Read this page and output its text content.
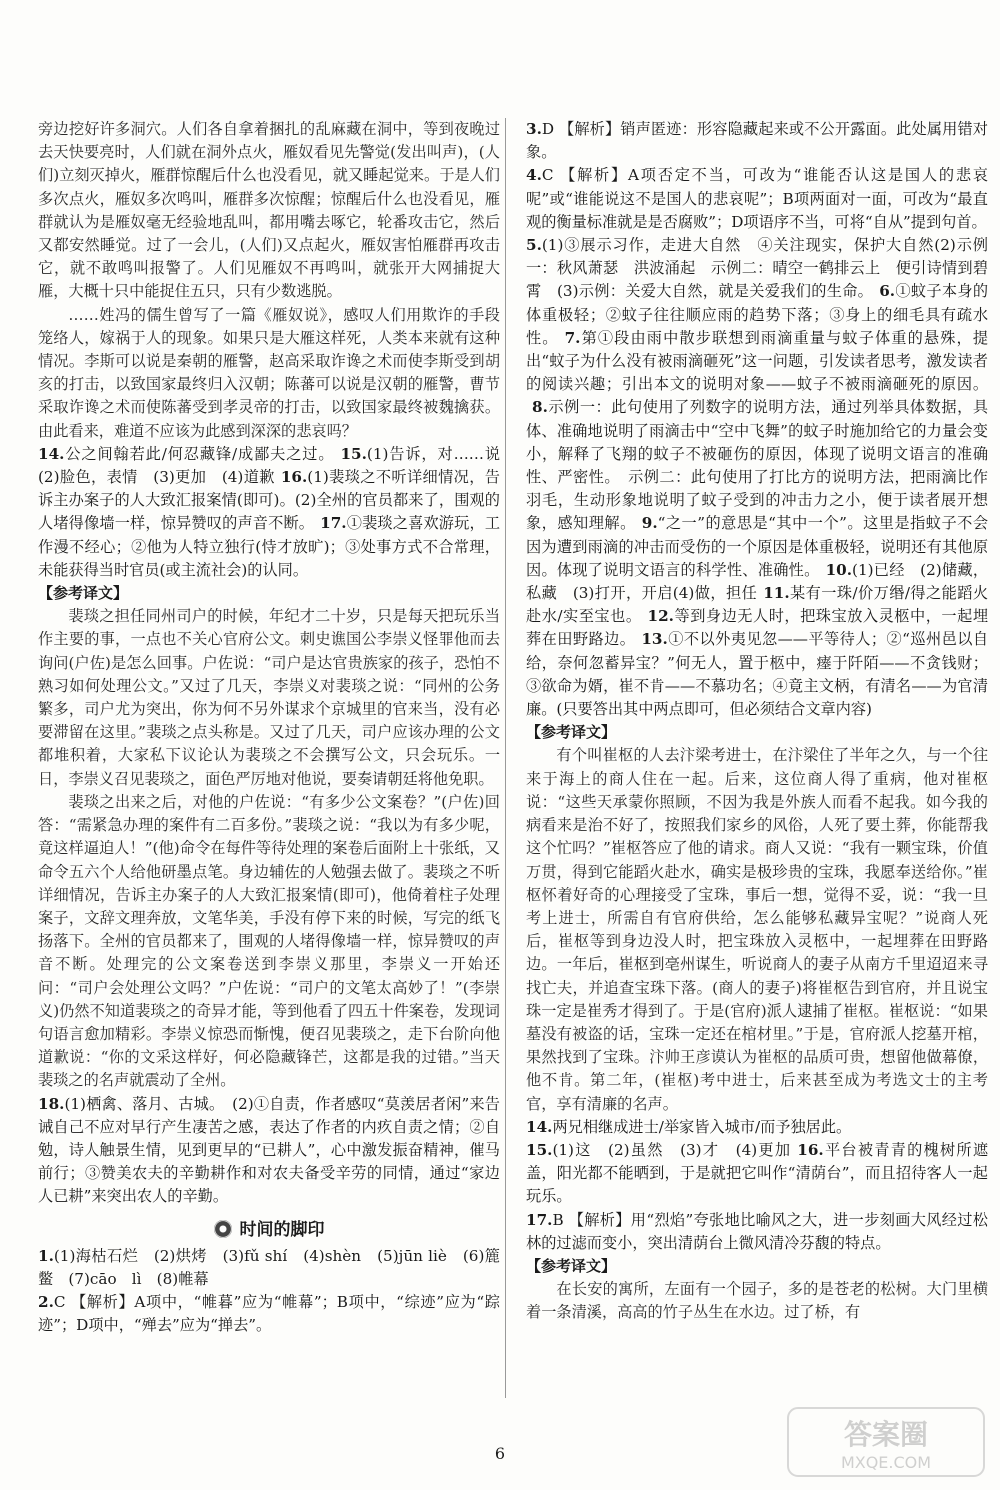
旁边挖好许多洞穴。人们各自拿着捆扎的乱麻藏在洞中，等到夜晚过去天快要亮时，人们就在洞外点火，雁奴看见先警觉(发出叫声)，(人们)立刻灭掉火，雁群惊醒后什么也没看见，就又睡起觉来。于是人们多次点火，雁奴多次鸣叫，雁群多次惊醒；惊醒后什么也没看见，雁群就认为是雁奴毫无经验地乱叫，都用嘴去啄它，轮番攻击它，然后又都安然睡觉。过了一会儿，(人们)又点起火，雁奴害怕雁群再攻击它，就不敢鸣叫报警了。人们见雁奴不再鸣叫，就张开大网捕捉大雁，大概十只中能捉住五只，只有少数逃脱。

……姓冯的儒生曾写了一篇《雁奴说》，感叹人们用欺诈的手段笼络人，嫁祸于人的现象。如果只是大雁这样死，人类本来就有这种情况。李斯可以说是秦朝的雁警，赵高采取诈谗之术而使李斯受到胡亥的打击，以致国家最终归入汉朝；陈蕃可以说是汉朝的雁警，曹节采取诈谗之术而使陈蕃受到孝灵帝的打击，以致国家最终被魏擒获。由此看来，难道不应该为此感到深深的悲哀吗？

14.公之间翰若此/何忍藏锋/成鄙夫之过。 15.(1)告诉，对……说　(2)脸色，表情　(3)更加　(4)道歉 16.(1)裴琰之不听详细情况，告诉主办案子的人大致汇报案情(即可)。(2)全州的官员都来了，围观的人堵得像墙一样，惊异赞叹的声音不断。 17.①裴琰之喜欢游玩，工作漫不经心；②他为人特立独行(恃才放旷)；③处事方式不合常理，未能获得当时官员(或主流社会)的认同。

【参考译文】

裴琰之担任同州司户的时候，年纪才二十岁，只是每天把玩乐当作主要的事，一点也不关心官府公文。刺史谯国公李崇义怪罪他而去询问(户佐)是怎么回事。户佐说：“司户是达官贵族家的孩子，恐怕不熟习如何处理公文。”又过了几天，李崇义对裴琰之说：“同州的公务繁多，司户尤为突出，你为何不另外谋求个京城里的官来当，没有必要滞留在这里。”裴琰之点头称是。又过了几天，司户应该办理的公文都堆积着，大家私下议论认为裴琰之不会撰写公文，只会玩乐。一日，李崇义召见裴琰之，面色严厉地对他说，要奏请朝廷将他免职。

裴琰之出来之后，对他的户佐说：“有多少公文案卷？”(户佐)回答：“需紧急办理的案件有二百多份。”裴琰之说：“我以为有多少呢，竟这样逼迫人！”(他)命令在每件等待处理的案卷后面附上十张纸，又命令五六个人给他研墨点笔。身边辅佐的人勉强去做了。裴琰之不听详细情况，告诉主办案子的人大致汇报案情(即可)，他倚着柱子处理案子，文辞文理奔放，文笔华美，手没有停下来的时候，写完的纸飞扬落下。全州的官员都来了，围观的人堵得像墙一样，惊异赞叹的声音不断。处理完的公文案卷送到李崇义那里，李崇义一开始还问：“司户会处理公文吗？”户佐说：“司户的文笔太高妙了！”(李崇义)仍然不知道裴琰之的奇异才能，等到他看了四五十件案卷，发现词句语言愈加精彩。李崇义惊恐而惭愧，便召见裴琰之，走下台阶向他道歉说：“你的文采这样好，何必隐藏锋芒，这都是我的过错。”当天裴琰之的名声就震动了全州。

18.(1)栖禽、落月、古城。　(2)①自责，作者感叹“莫羡居者闲”来告诫自己不应对早行产生凄苦之感，表达了作者的内疚自责之情；②自勉，诗人触景生情，见到更早的“已耕人”，心中激发振奋精神，催马前行；③赞美农夫的辛勤耕作和对农夫备受辛劳的同情，通过“家边人已耕”来突出农人的辛勤。

时间的脚印

1.(1)海枯石烂　(2)烘烤　(3)fǔ shí　(4)shèn　(5)jūn liè　(6)簏　鳖　(7)cāo　lì　(8)帷幕

2.C 【解析】A项中，“帷暮”应为“帷幕”；B项中，“综迹”应为“踪迹”；D项中，“殚去”应为“掸去”。

3.D 【解析】销声匿迹：形容隐藏起来或不公开露面。此处属用错对象。

4.C 【解析】A项否定不当，可改为“谁能否认这是国人的悲哀呢”或“谁能说这不是国人的悲哀呢”；B项两面对一面，可改为“最直观的衡量标准就是是否腐败”；D项语序不当，可将“自从”提到句首。

5.(1)③展示习作，走进大自然　④关注现实，保护大自然(2)示例一：秋风萧瑟　洪波涌起　示例二：晴空一鹤排云上　便引诗情到碧霄　(3)示例：关爱大自然，就是关爱我们的生命。 6.①蚊子本身的体重极轻；②蚊子往往顺应雨的趋势下落；③身上的细毛具有疏水性。 7.第①段由雨中散步联想到雨滴重量与蚊子体重的悬殊，提出“蚊子为什么没有被雨滴砸死”这一问题，引发读者思考，激发读者的阅读兴趣；引出本文的说明对象——蚊子不被雨滴砸死的原因。8.示例一：此句使用了列数字的说明方法，通过列举具体数据，具体、准确地说明了雨滴击中“空中飞舞”的蚊子时施加给它的力量会变小，解释了飞翔的蚊子不被砸伤的原因，体现了说明文语言的准确性、严密性。　示例二：此句使用了打比方的说明方法，把雨滴比作羽毛，生动形象地说明了蚊子受到的冲击力之小，便于读者展开想象，感知理解。 9.“之一”的意思是“其中一个”。这里是指蚊子不会因为遭到雨滴的冲击而受伤的一个原因是体重极轻，说明还有其他原因。体现了说明文语言的科学性、准确性。 10.(1)已经　(2)储藏，私藏　(3)打开，开启(4)做，担任 11.某有一珠/价万缗/得之能蹈火赴水/实至宝也。 12.等到身边无人时，把珠宝放入灵柩中，一起埋葬在田野路边。 13.①不以外夷见忽——平等待人；②“巡州邑以自给，奈何忽蓄异宝？”何无人，置于柩中，瘗于阡陌——不贪钱财；③欲命为婿，崔不肯——不慕功名；④竟主文柄，有清名——为官清廉。(只要答出其中两点即可，但必须结合文章内容)

【参考译文】

有个叫崔枢的人去汴梁考进士，在汴梁住了半年之久，与一个往来于海上的商人住在一起。后来，这位商人得了重病，他对崔枢说：“这些天承蒙你照顾，不因为我是外族人而看不起我。如今我的病看来是治不好了，按照我们家乡的风俗，人死了要土葬，你能帮我这个忙吗？”崔枢答应了他的请求。商人又说：“我有一颗宝珠，价值万贯，得到它能蹈火赴水，确实是极珍贵的宝珠，我愿奉送给你。”崔枢怀着好奇的心理接受了宝珠，事后一想，觉得不妥，说：“我一旦考上进士，所需自有官府供给，怎么能够私藏异宝呢？”说商人死后，崔枢等到身边没人时，把宝珠放入灵柩中，一起埋葬在田野路边。一年后，崔枢到亳州谋生，听说商人的妻子从南方千里迢迢来寻找亡夫，并追查宝珠下落。(商人的妻子)将崔枢告到官府，并且说宝珠一定是崔秀才得到了。于是(官府)派人逮捕了崔枢。崔枢说：“如果墓没有被盗的话，宝珠一定还在棺材里。”于是，官府派人挖墓开棺，果然找到了宝珠。汴帅王彦谟认为崔枢的品质可贵，想留他做幕僚，他不肯。第二年，(崔枢)考中进士，后来甚至成为考选文士的主考官，享有清廉的名声。

14.两兄相继成进士/举家皆入城市/而予独居此。

15.(1)这　(2)虽然　(3)才　(4)更加 16.平台被青青的槐树所遮盖，阳光都不能晒到，于是就把它叫作“清荫台”，而且招待客人一起玩乐。

17.B 【解析】用“烈焰”夸张地比喻风之大，进一步刻画大风经过松林的过滤而变小，突出清荫台上微风清冷芬馥的特点。

【参考译文】

在长安的寓所，左面有一个园子，多的是苍老的松树。大门里横着一条清溪，高高的竹子丛生在水边。过了桥，有

6
答案圈
MXQE.COM
